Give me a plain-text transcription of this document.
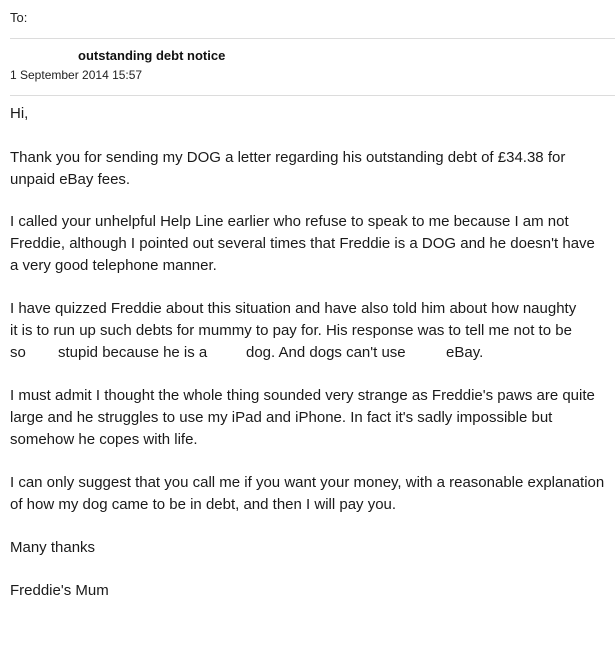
To:
outstanding debt notice
1 September 2014 15:57
Hi,
Thank you for sending my DOG a letter regarding his outstanding debt of £34.38 for unpaid eBay fees.
I called your unhelpful Help Line earlier who refuse to speak to me because I am not Freddie, although I pointed out several times that Freddie is a DOG and he doesn't have a very good telephone manner.
I have quizzed Freddie about this situation and have also told him about how naughty
it is to run up such debts for mummy to pay for. His response was to tell me not to be
so stupid because he is a	dog. And dogs can't use	eBay.
I must admit I thought the whole thing sounded very strange as Freddie's paws are quite large and he struggles to use my iPad and iPhone. In fact it's sadly impossible but somehow he copes with life.
I can only suggest that you call me if you want your money, with a reasonable explanation of how my dog came to be in debt, and then I will pay you.
Many thanks
Freddie's Mum
